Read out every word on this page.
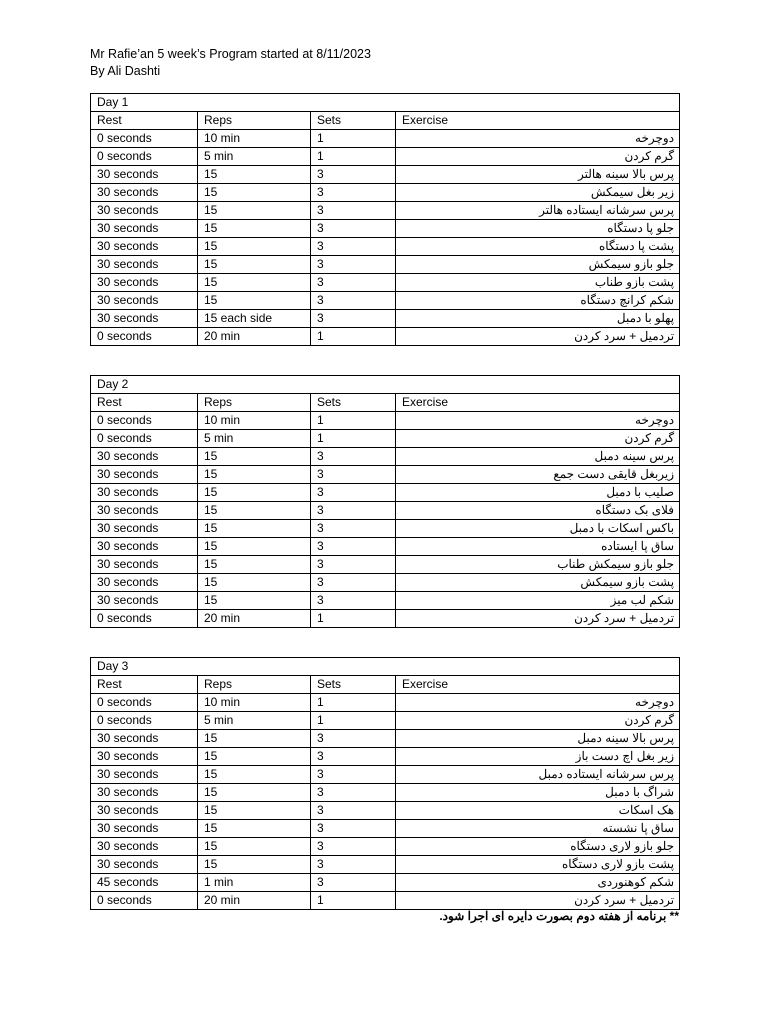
Mr Rafie’an 5 week’s Program started at 8/11/2023
By Ali Dashti
Day 1			
Rest	Reps	Sets	Exercise
0 seconds	10 min	1	دوچرخه
0 seconds	5 min	1	گرم کردن
30 seconds	15	3	پرس بالا سینه هالتر
30 seconds	15	3	زیر بغل سیمکش
30 seconds	15	3	پرس سرشانه ایستاده هالتر
30 seconds	15	3	جلو پا دستگاه
30 seconds	15	3	پشت پا دستگاه
30 seconds	15	3	جلو بازو سیمکش
30 seconds	15	3	پشت بازو طناب
30 seconds	15	3	شکم کرانچ دستگاه
30 seconds	15 each side	3	پهلو با دمبل
0 seconds	20 min	1	تردمیل + سرد کردن
Day 2			
Rest	Reps	Sets	Exercise
0 seconds	10 min	1	دوچرخه
0 seconds	5 min	1	گرم کردن
30 seconds	15	3	پرس سینه دمبل
30 seconds	15	3	زیربغل قایقی دست جمع
30 seconds	15	3	صلیب با دمبل
30 seconds	15	3	فلای بک دستگاه
30 seconds	15	3	باکس اسکات با دمبل
30 seconds	15	3	ساق پا ایستاده
30 seconds	15	3	جلو بازو سیمکش طناب
30 seconds	15	3	پشت بازو سیمکش
30 seconds	15	3	شکم لب میز
0 seconds	20 min	1	تردمیل + سرد کردن
Day 3			
Rest	Reps	Sets	Exercise
0 seconds	10 min	1	دوچرخه
0 seconds	5 min	1	گرم کردن
30 seconds	15	3	پرس بالا سینه دمبل
30 seconds	15	3	زیر بغل اچ دست باز
30 seconds	15	3	پرس سرشانه ایستاده دمبل
30 seconds	15	3	شراگ با دمبل
30 seconds	15	3	هک اسکات
30 seconds	15	3	ساق پا نشسته
30 seconds	15	3	جلو بازو لاری دستگاه
30 seconds	15	3	پشت بازو لاری دستگاه
45 seconds	1 min	3	شکم کوهنوردی
0 seconds	20 min	1	تردمیل + سرد کردن
** برنامه از هفته دوم بصورت دایره ای اجرا شود.
